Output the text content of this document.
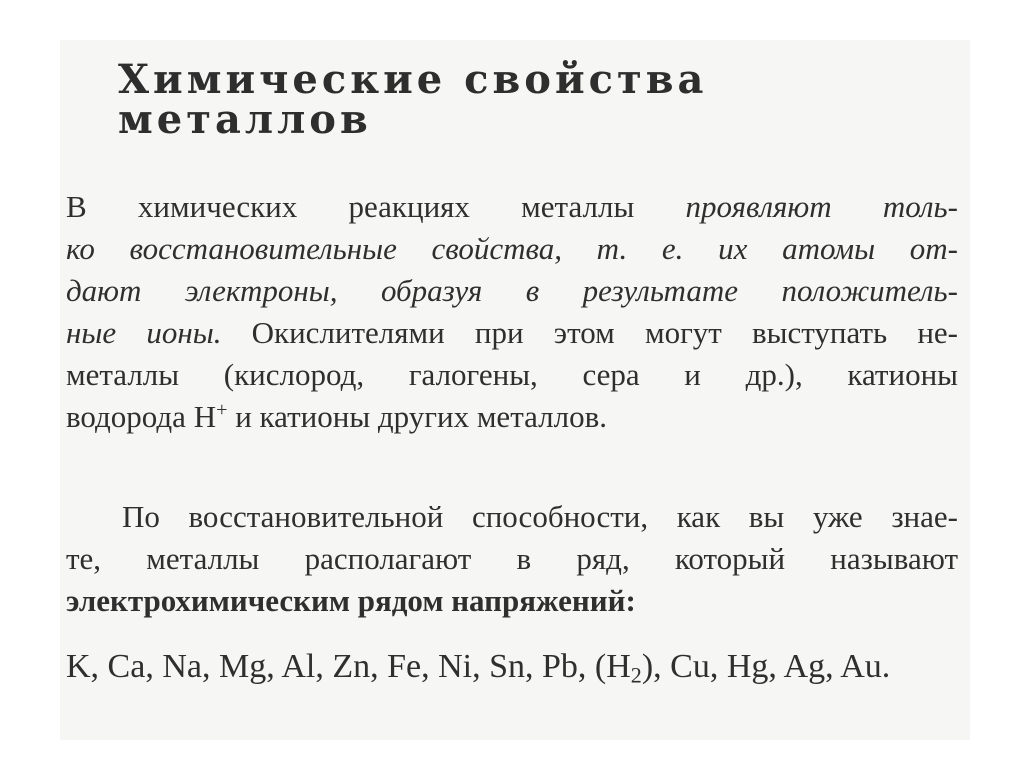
Химические свойства
металлов
В химических реакциях металлы проявляют толь-
ко восстановительные свойства, т. е. их атомы от-
дают электроны, образуя в результате положитель-
ные ионы. Окислителями при этом могут выступать не-
металлы (кислород, галогены, сера и др.), катионы
водорода H+ и катионы других металлов.
По восстановительной способности, как вы уже знае-
те, металлы располагают в ряд, который называют
электрохимическим рядом напряжений:
K, Ca, Na, Mg, Al, Zn, Fe, Ni, Sn, Pb, $(H_2)$, Cu, Hg, Ag, Au.
